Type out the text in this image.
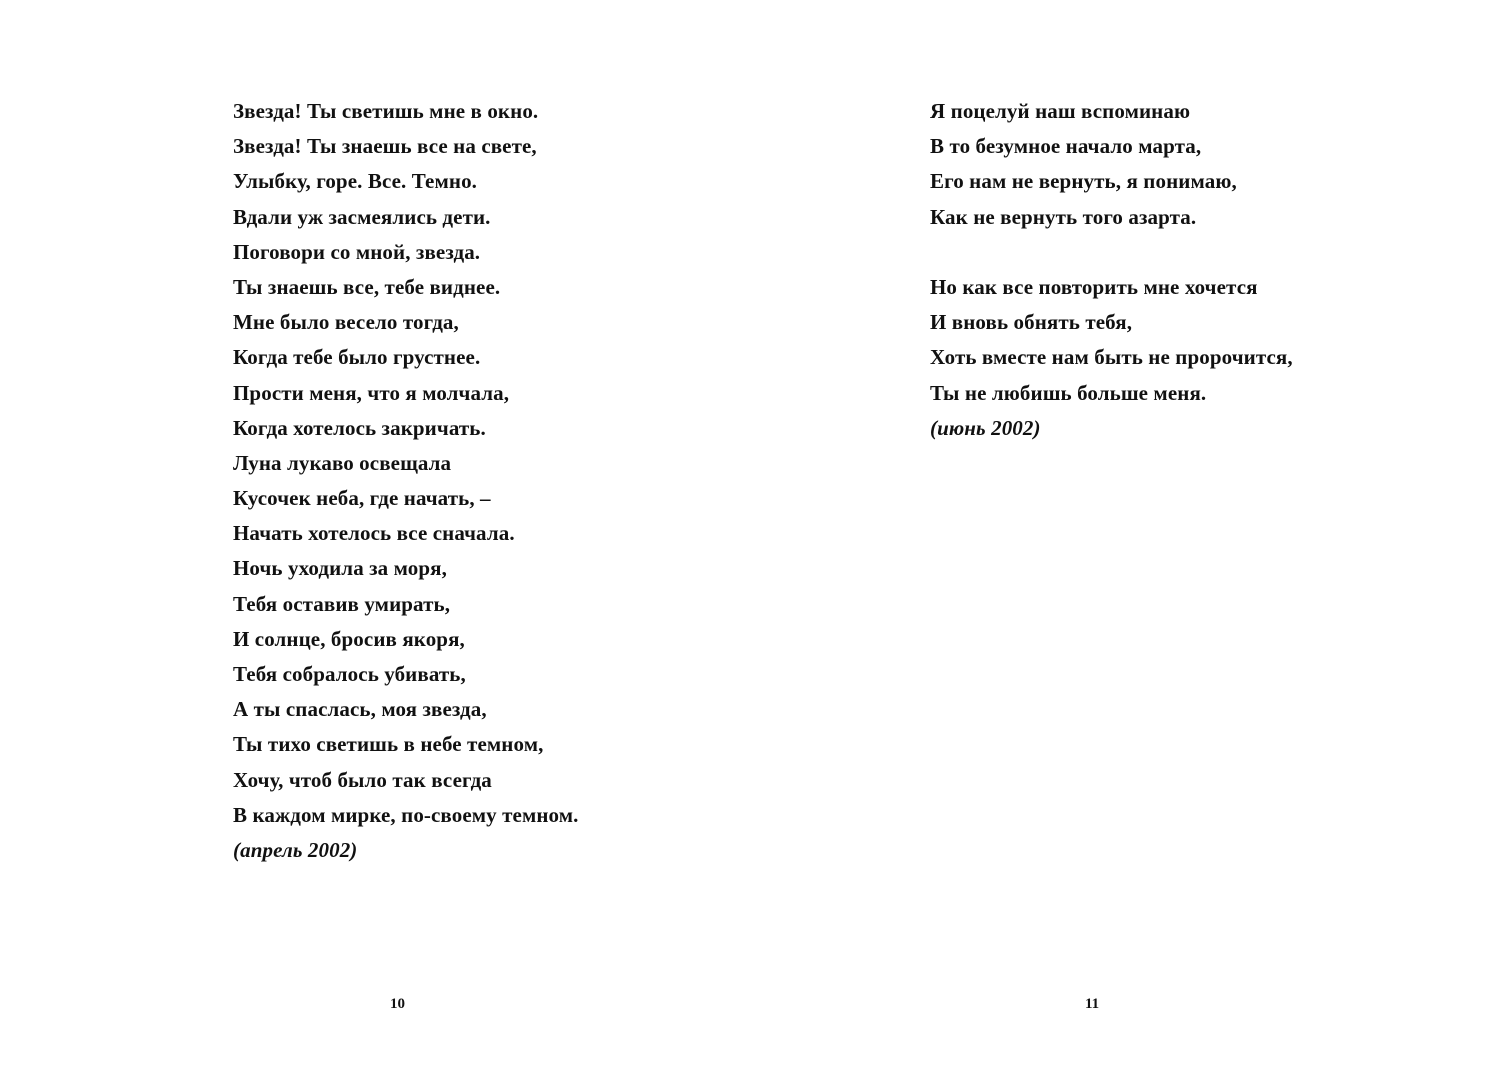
Звезда! Ты светишь мне в окно.
Звезда! Ты знаешь все на свете,
Улыбку, горе. Все. Темно.
Вдали уж засмеялись дети.
Поговори со мной, звезда.
Ты знаешь все, тебе виднее.
Мне было весело тогда,
Когда тебе было грустнее.
Прости меня, что я молчала,
Когда хотелось закричать.
Луна лукаво освещала
Кусочек неба, где начать, –
Начать хотелось все сначала.
Ночь уходила за моря,
Тебя оставив умирать,
И солнце, бросив якоря,
Тебя собралось убивать,
А ты спаслась, моя звезда,
Ты тихо светишь в небе темном,
Хочу, чтоб было так всегда
В каждом мирке, по-своему темном.
(апрель 2002)
10
Я поцелуй наш вспоминаю
В то безумное начало марта,
Его нам не вернуть, я понимаю,
Как не вернуть того азарта.
Но как все повторить мне хочется
И вновь обнять тебя,
Хоть вместе нам быть не пророчится,
Ты не любишь больше меня.
(июнь 2002)
11
